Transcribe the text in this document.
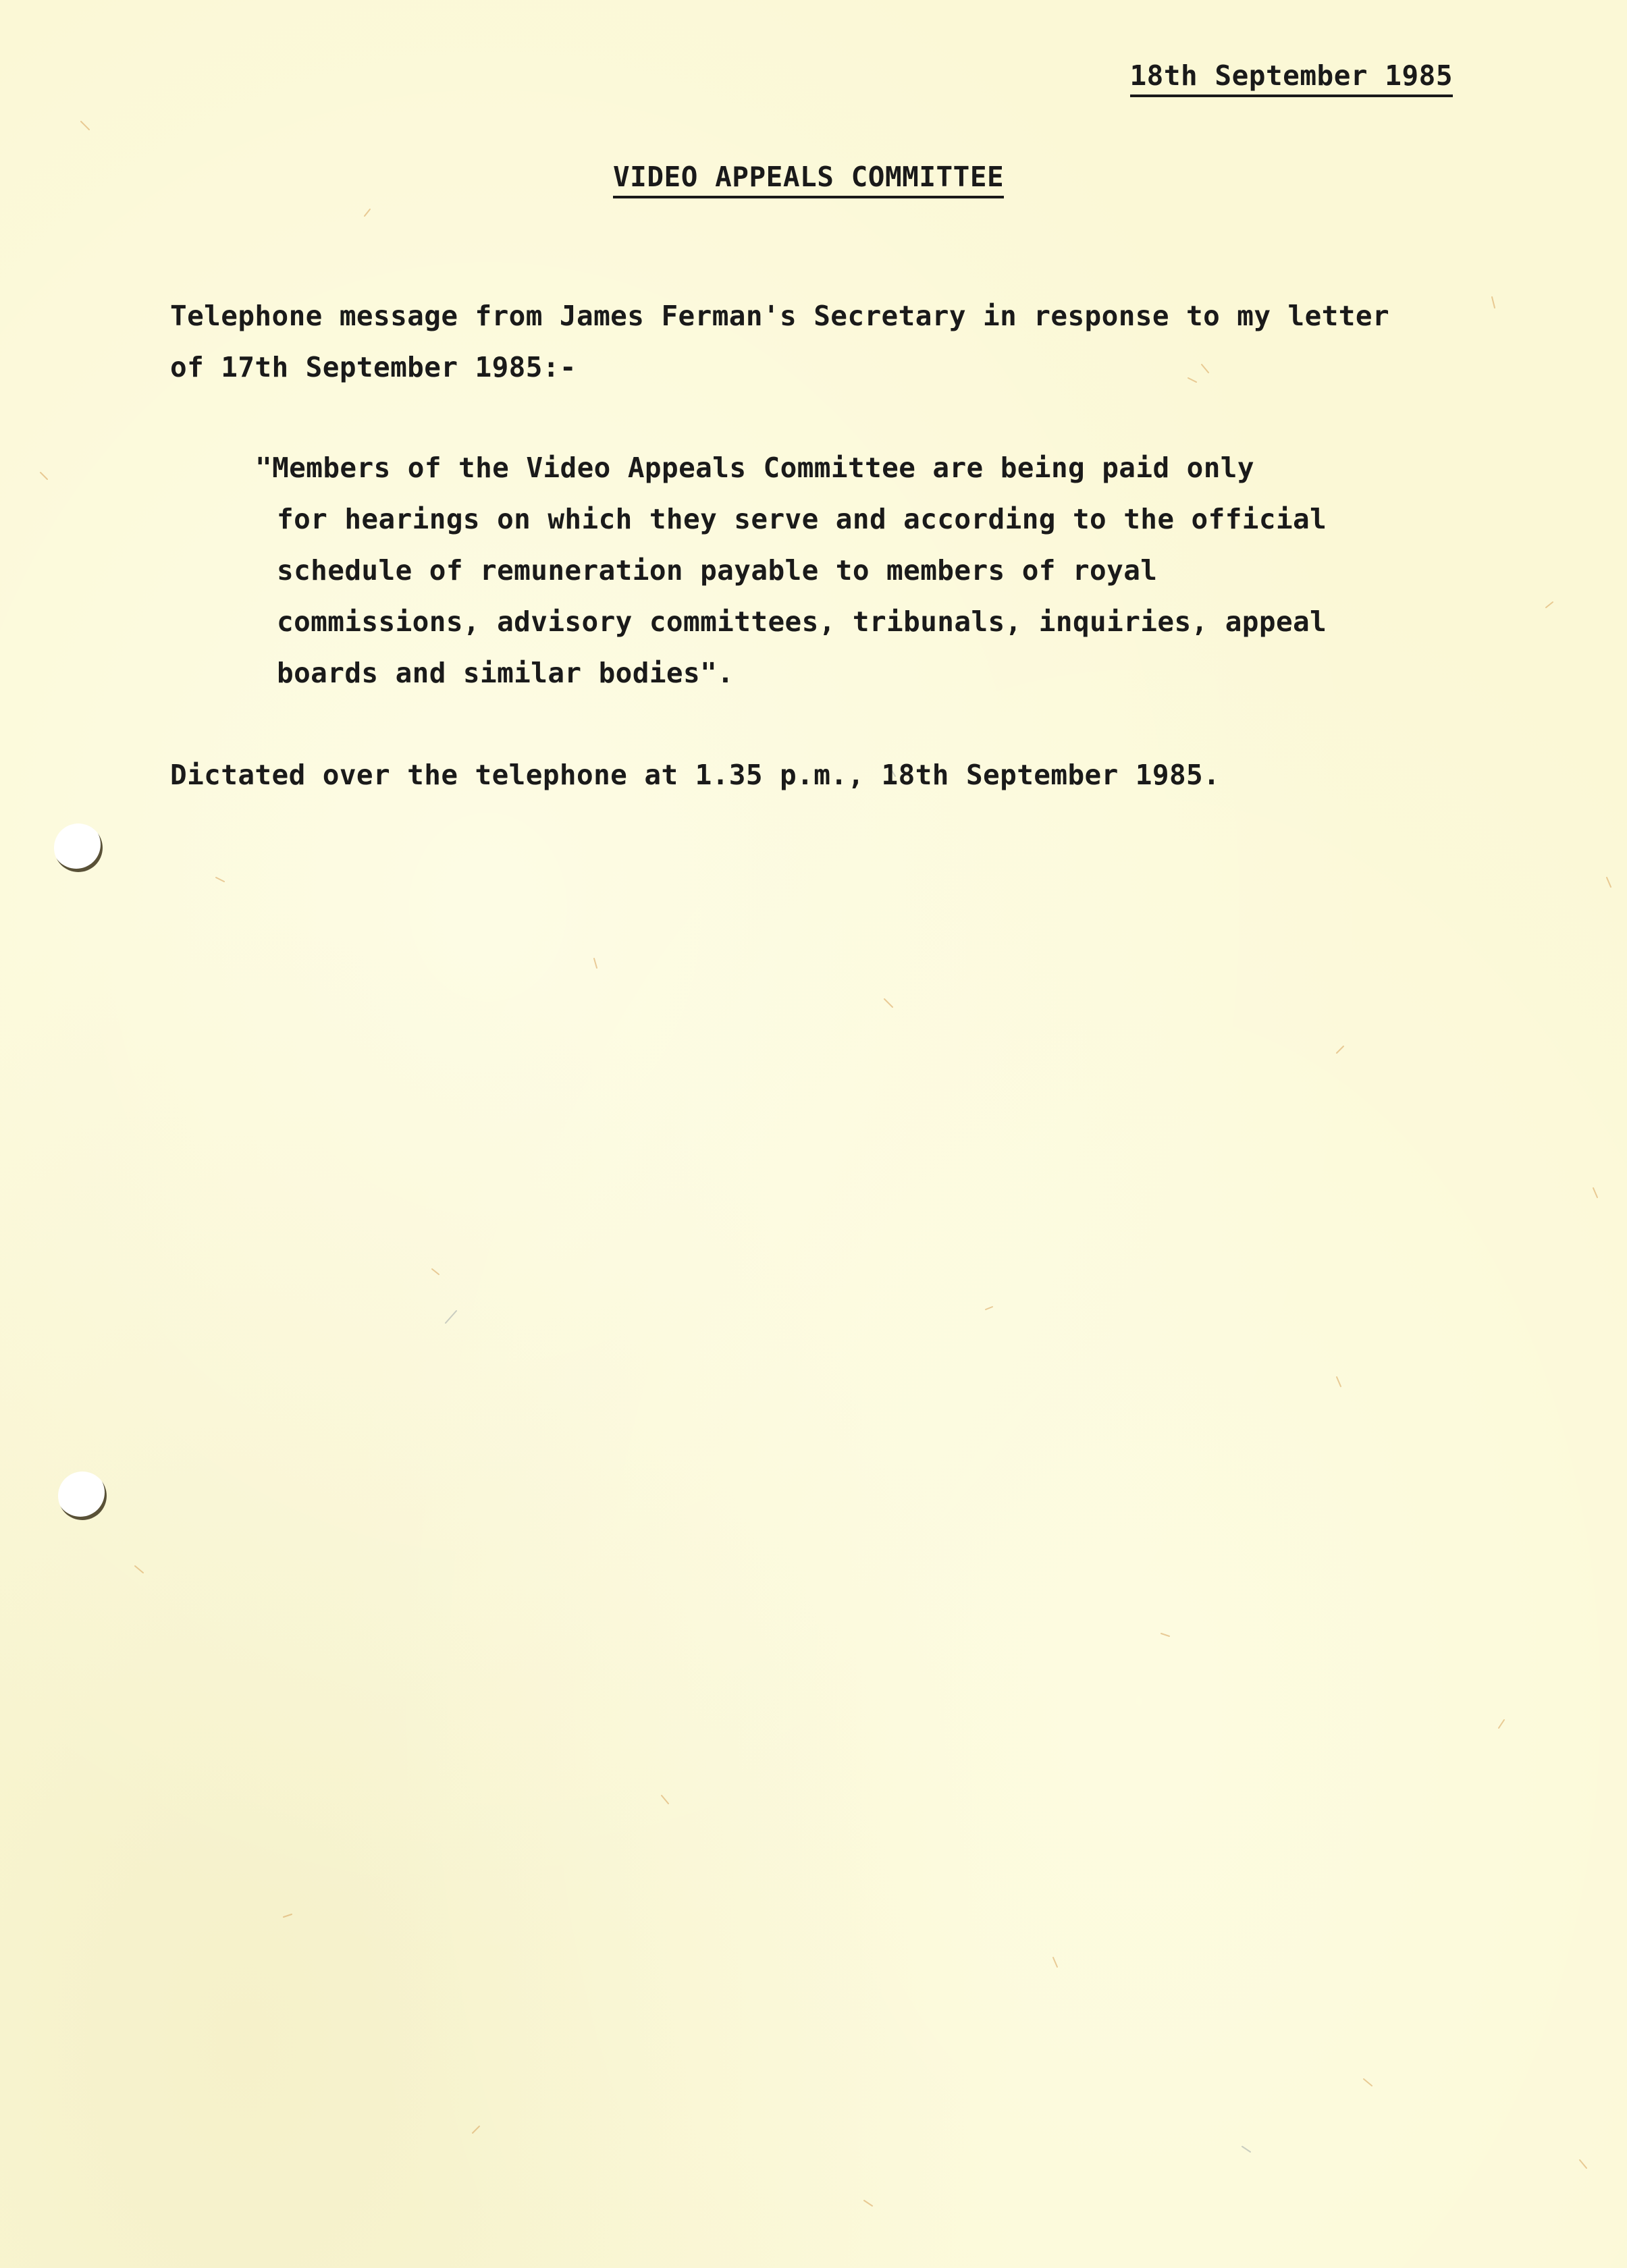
18th September 1985
VIDEO APPEALS COMMITTEE
Telephone message from James Ferman's Secretary in response to my letter
of 17th September 1985:-
"Members of the Video Appeals Committee are being paid only
for hearings on which they serve and according to the official
schedule of remuneration payable to members of royal
commissions, advisory committees, tribunals, inquiries, appeal
boards and similar bodies".
Dictated over the telephone at 1.35 p.m., 18th September 1985.
